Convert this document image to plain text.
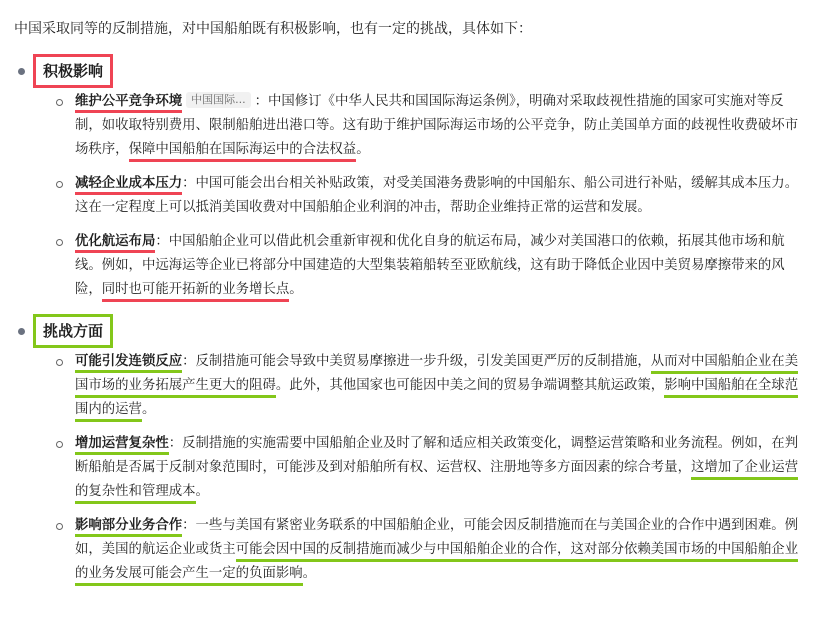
中国采取同等的反制措施，对中国船舶既有积极影响，也有一定的挑战，具体如下：

积极影响
维护公平竞争环境 中国国际... ：中国修订《中华人民共和国国际海运条例》，明确对采取歧视性措施的国家可实施对等反制，如收取特别费用、限制船舶进出港口等。这有助于维护国际海运市场的公平竞争，防止美国单方面的歧视性收费破坏市场秩序，保障中国船舶在国际海运中的合法权益。
减轻企业成本压力：中国可能会出台相关补贴政策，对受美国港务费影响的中国船东、船公司进行补贴，缓解其成本压力。这在一定程度上可以抵消美国收费对中国船舶企业利润的冲击，帮助企业维持正常的运营和发展。
优化航运布局：中国船舶企业可以借此机会重新审视和优化自身的航运布局，减少对美国港口的依赖，拓展其他市场和航线。例如，中远海运等企业已将部分中国建造的大型集装箱船转至亚欧航线，这有助于降低企业因中美贸易摩擦带来的风险，同时也可能开拓新的业务增长点。
挑战方面
可能引发连锁反应：反制措施可能会导致中美贸易摩擦进一步升级，引发美国更严厉的反制措施，从而对中国船舶企业在美国市场的业务拓展产生更大的阻碍。此外，其他国家也可能因中美之间的贸易争端调整其航运政策，影响中国船舶在全球范围内的运营。
增加运营复杂性：反制措施的实施需要中国船舶企业及时了解和适应相关政策变化，调整运营策略和业务流程。例如，在判断船舶是否属于反制对象范围时，可能涉及到对船舶所有权、运营权、注册地等多方面因素的综合考量，这增加了企业运营的复杂性和管理成本。
影响部分业务合作：一些与美国有紧密业务联系的中国船舶企业，可能会因反制措施而在与美国企业的合作中遇到困难。例如，美国的航运企业或货主可能会因中国的反制措施而减少与中国船舶企业的合作，这对部分依赖美国市场的中国船舶企业的业务发展可能会产生一定的负面影响。
